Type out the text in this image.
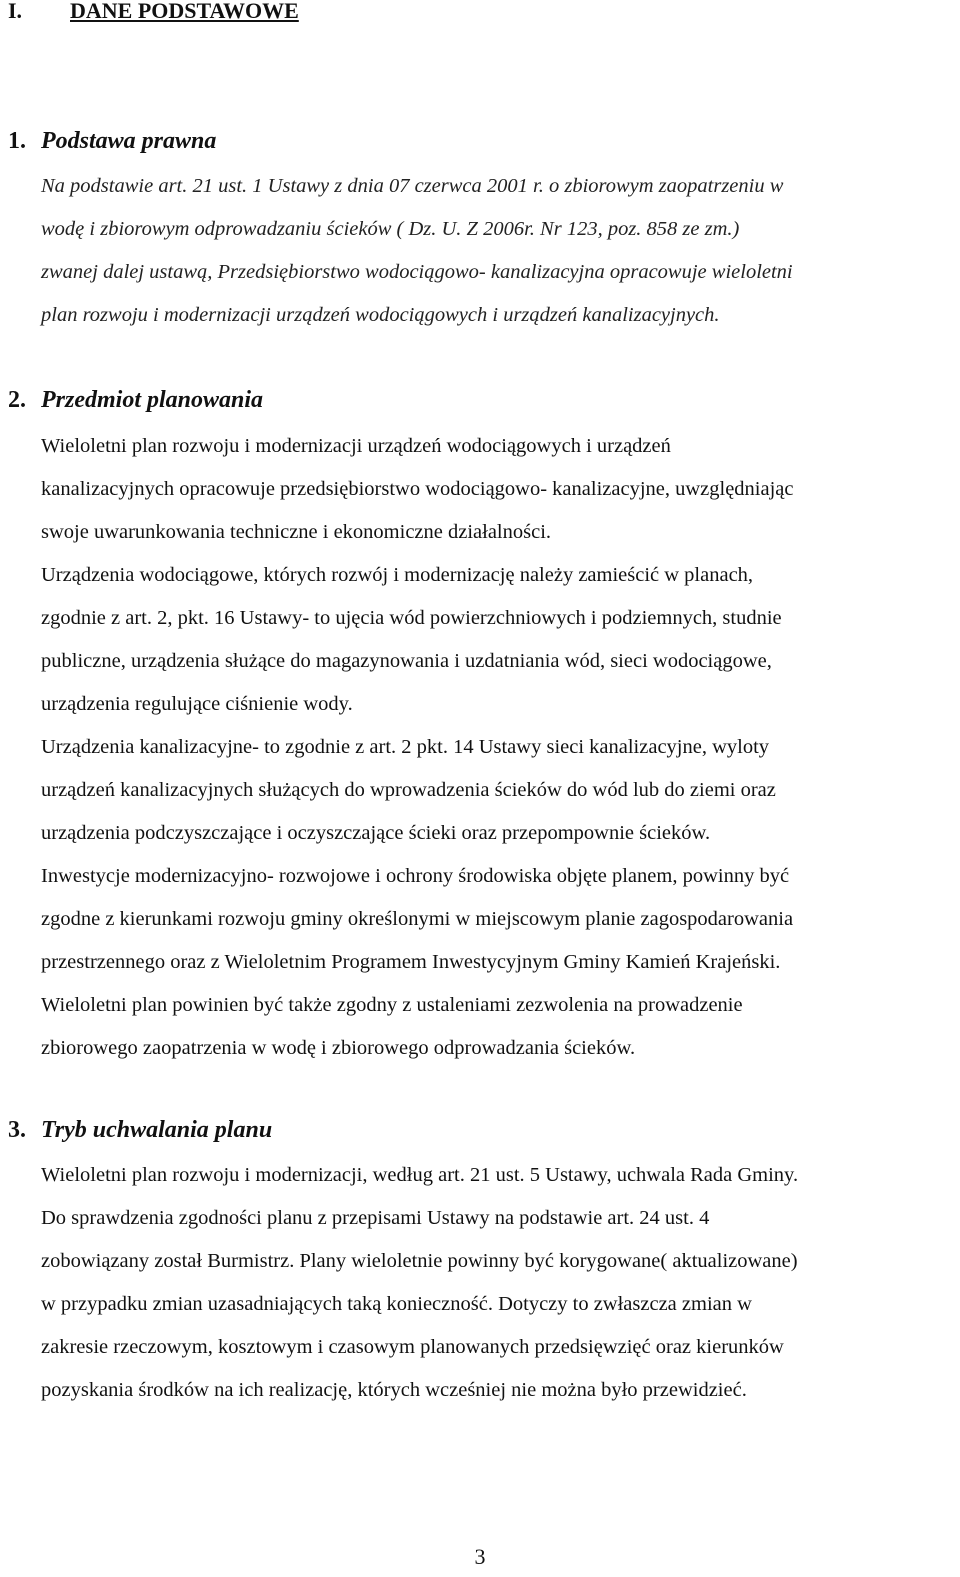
I. DANE PODSTAWOWE
1. Podstawa prawna
Na podstawie art. 21 ust. 1 Ustawy z dnia 07 czerwca 2001 r. o zbiorowym zaopatrzeniu w
wodę i zbiorowym odprowadzaniu ścieków ( Dz. U. Z 2006r. Nr 123, poz. 858 ze zm.)
zwanej dalej ustawą, Przedsiębiorstwo wodociągowo- kanalizacyjna opracowuje wieloletni
plan rozwoju i modernizacji urządzeń wodociągowych i urządzeń kanalizacyjnych.
2. Przedmiot planowania
Wieloletni plan rozwoju i modernizacji urządzeń wodociągowych i urządzeń
kanalizacyjnych opracowuje przedsiębiorstwo wodociągowo- kanalizacyjne, uwzględniając
swoje uwarunkowania techniczne i ekonomiczne działalności.
Urządzenia wodociągowe, których rozwój i modernizację należy zamieścić w planach,
zgodnie z art. 2, pkt. 16 Ustawy- to ujęcia wód powierzchniowych i podziemnych, studnie
publiczne, urządzenia służące do magazynowania i uzdatniania wód, sieci wodociągowe,
urządzenia regulujące ciśnienie wody.
Urządzenia kanalizacyjne- to zgodnie z art. 2 pkt. 14 Ustawy sieci kanalizacyjne, wyloty
urządzeń kanalizacyjnych służących do wprowadzenia ścieków do wód lub do ziemi oraz
urządzenia podczyszczające i oczyszczające ścieki oraz przepompownie ścieków.
Inwestycje modernizacyjno- rozwojowe i ochrony środowiska objęte planem, powinny być
zgodne z kierunkami rozwoju gminy określonymi w miejscowym planie zagospodarowania
przestrzennego oraz z Wieloletnim Programem Inwestycyjnym Gminy Kamień Krajeński.
Wieloletni plan powinien być także zgodny z ustaleniami zezwolenia na prowadzenie
zbiorowego zaopatrzenia w wodę i zbiorowego odprowadzania ścieków.
3. Tryb uchwalania planu
Wieloletni plan rozwoju i modernizacji, według art. 21 ust. 5 Ustawy, uchwala Rada Gminy.
Do sprawdzenia zgodności planu z przepisami Ustawy na podstawie art. 24 ust. 4
zobowiązany został Burmistrz. Plany wieloletnie powinny być korygowane( aktualizowane)
w przypadku zmian uzasadniających taką konieczność. Dotyczy to zwłaszcza zmian w
zakresie rzeczowym, kosztowym i czasowym planowanych przedsięwzięć oraz kierunków
pozyskania środków na ich realizację, których wcześniej nie można było przewidzieć.
3
